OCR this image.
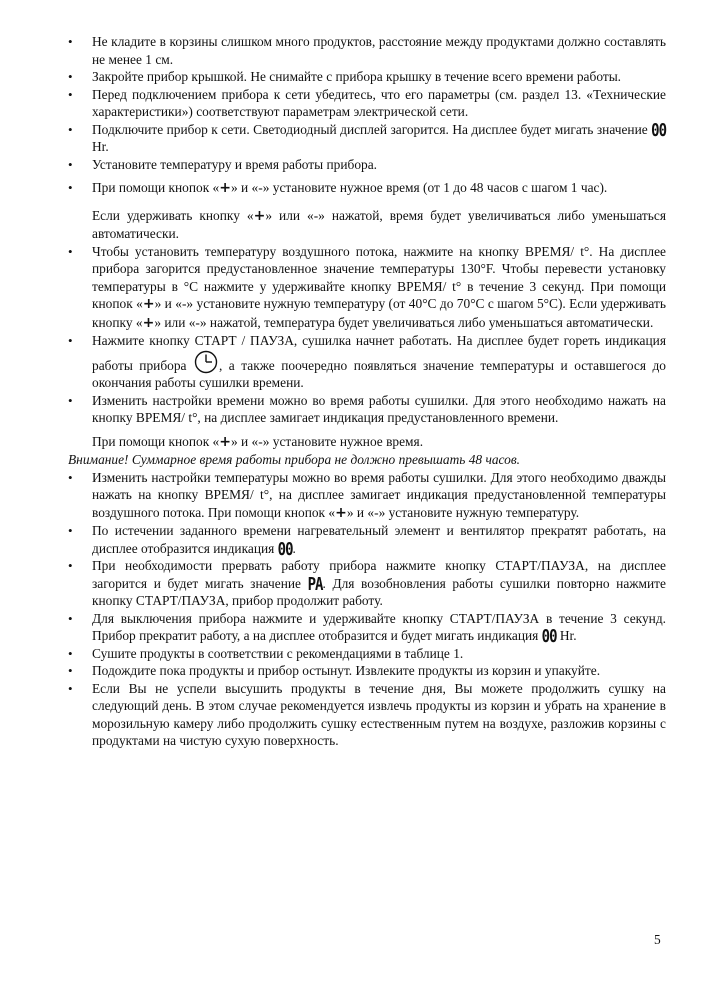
• Не кладите в корзины слишком много продуктов, расстояние между продуктами должно составлять не менее 1 см.
• Закройте прибор крышкой. Не снимайте с прибора крышку в течение всего времени работы.
• Перед подключением прибора к сети убедитесь, что его параметры (см. раздел 13. «Технические характеристики») соответствуют параметрам электрической сети.
• Подключите прибор к сети. Светодиодный дисплей загорится. На дисплее будет мигать значение 00 Hr.
• Установите температуру и время работы прибора.
• При помощи кнопок «+» и «-» установите нужное время (от 1 до 48 часов с шагом 1 час).
Если удерживать кнопку «+» или «-» нажатой, время будет увеличиваться либо уменьшаться автоматически.
• Чтобы установить температуру воздушного потока, нажмите на кнопку ВРЕМЯ/ t°. На дисплее прибора загорится предустановленное значение температуры 130°F. Чтобы перевести установку температуры в °С нажмите у удерживайте кнопку ВРЕМЯ/ t° в течение 3 секунд. При помощи кнопок «+» и «-» установите нужную температуру (от 40°С до 70°С с шагом 5°С). Если удерживать кнопку «+» или «-» нажатой, температура будет увеличиваться либо уменьшаться автоматически.
• Нажмите кнопку СТАРТ / ПАУЗА, сушилка начнет работать. На дисплее будет гореть индикация работы прибора , а также поочередно появляться значение температуры и оставшегося до окончания работы сушилки времени.
• Изменить настройки времени можно во время работы сушилки. Для этого необходимо нажать на кнопку ВРЕМЯ/ t°, на дисплее замигает индикация предустановленного времени.
При помощи кнопок «+» и «-» установите нужное время.
Внимание! Суммарное время работы прибора не должно превышать 48 часов.
• Изменить настройки температуры можно во время работы сушилки. Для этого необходимо дважды нажать на кнопку ВРЕМЯ/ t°, на дисплее замигает индикация предустановленной температуры воздушного потока. При помощи кнопок «+» и «-» установите нужную температуру.
• По истечении заданного времени нагревательный элемент и вентилятор прекратят работать, на дисплее отобразится индикация 00.
• При необходимости прервать работу прибора нажмите кнопку СТАРТ/ПАУЗА, на дисплее загорится и будет мигать значение PA. Для возобновления работы сушилки повторно нажмите кнопку СТАРТ/ПАУЗА, прибор продолжит работу.
• Для выключения прибора нажмите и удерживайте кнопку СТАРТ/ПАУЗА в течение 3 секунд. Прибор прекратит работу, а на дисплее отобразится и будет мигать индикация 00 Hr.
• Сушите продукты в соответствии с рекомендациями в таблице 1.
• Подождите пока продукты и прибор остынут. Извлеките продукты из корзин и упакуйте.
• Если Вы не успели высушить продукты в течение дня, Вы можете продолжить сушку на следующий день. В этом случае рекомендуется извлечь продукты из корзин и убрать на хранение в морозильную камеру либо продолжить сушку естественным путем на воздухе, разложив корзины с продуктами на чистую сухую поверхность.
5
